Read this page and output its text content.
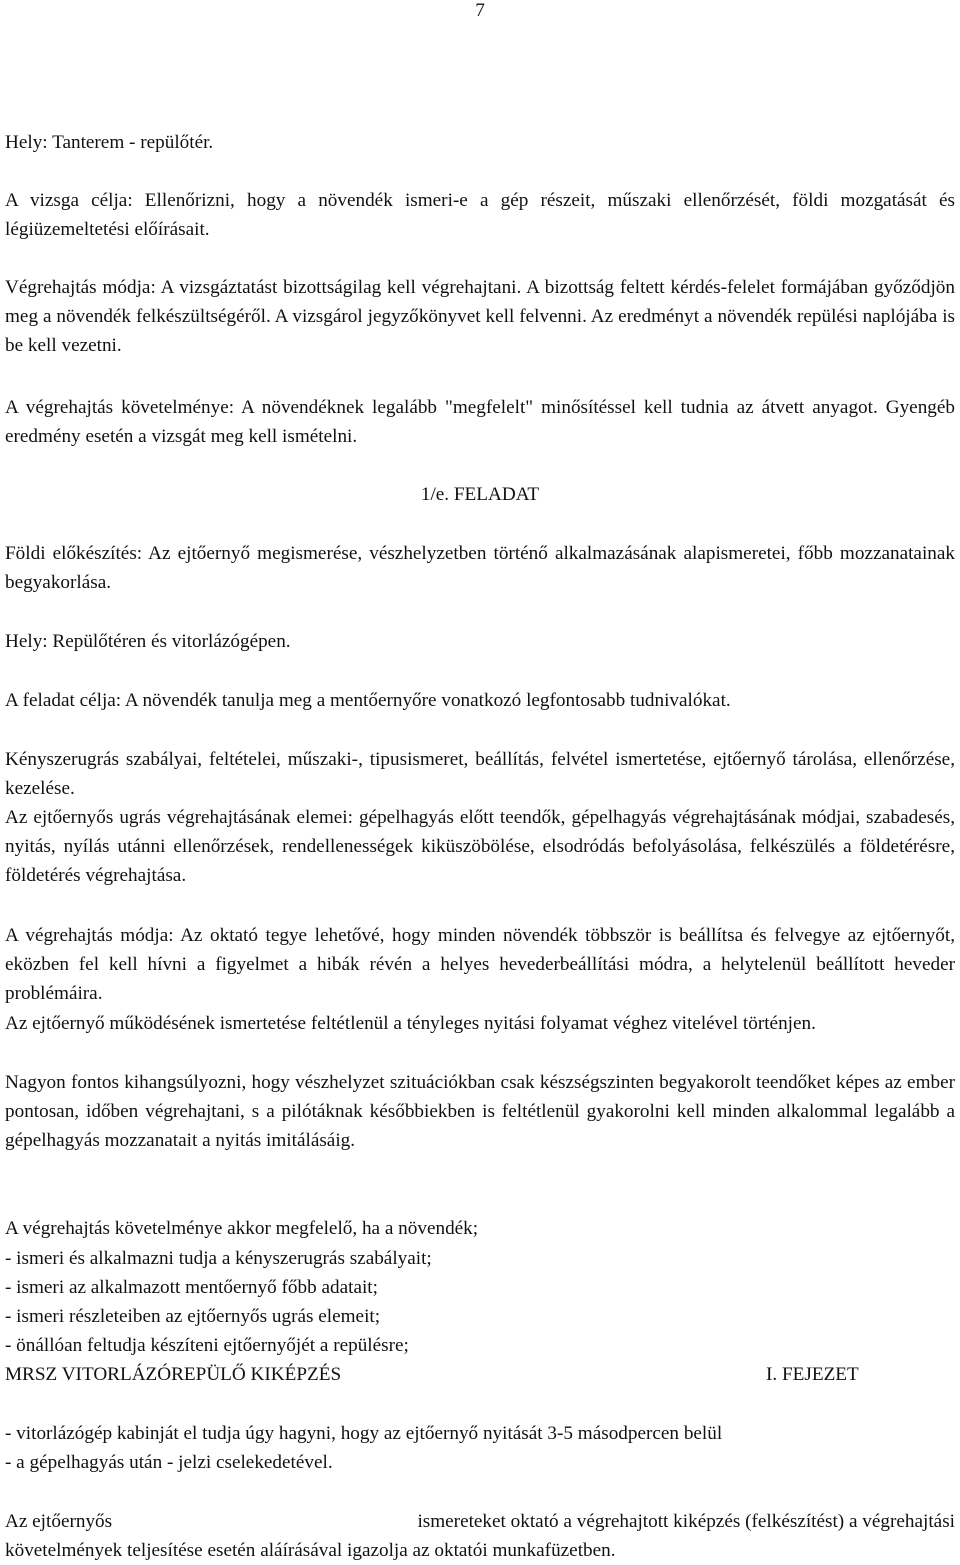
7

Hely: Tanterem - repülőtér.

A vizsga célja: Ellenőrizni, hogy a növendék ismeri-e a gép részeit, műszaki ellenőrzését, földi mozgatását és légiüzemeltetési előírásait.

Végrehajtás módja: A vizsgáztatást bizottságilag kell végrehajtani. A bizottság feltett kérdés-felelet formájában győződjön meg a növendék felkészültségéről. A vizsgárol jegyzőkönyvet kell felvenni. Az eredményt a növendék repülési naplójába is be kell vezetni.

A végrehajtás követelménye: A növendéknek legalább "megfelelt" minősítéssel kell tudnia az átvett anyagot. Gyengéb eredmény esetén a vizsgát meg kell ismételni.

1/e. FELADAT

Földi előkészítés: Az ejtőernyő megismerése, vészhelyzetben történő alkalmazásának alapismeretei, főbb mozzanatainak begyakorlása.

Hely: Repülőtéren és vitorlázógépen.

A feladat célja: A növendék tanulja meg a mentőernyőre vonatkozó legfontosabb tudnivalókat.

Kényszerugrás szabályai, feltételei, műszaki-, tipusismeret, beállítás, felvétel ismertetése, ejtőernyő tárolása, ellenőrzése, kezelése.

Az ejtőernyős ugrás végrehajtásának elemei: gépelhagyás előtt teendők, gépelhagyás végrehajtásának módjai, szabadesés, nyitás, nyílás utánni ellenőrzések, rendellenességek kiküszöbölése, elsodródás befolyásolása, felkészülés a földetérésre, földetérés végrehajtása.

A végrehajtás módja: Az oktató tegye lehetővé, hogy minden növendék többször is beállítsa és felvegye az ejtőernyőt, eközben fel kell hívni a figyelmet a hibák révén a helyes hevederbeállítási módra, a helytelenül beállított heveder problémáira.

Az ejtőernyő működésének ismertetése feltétlenül a tényleges nyitási folyamat véghez vitelével történjen.

Nagyon fontos kihangsúlyozni, hogy vészhelyzet szituációkban csak készségszinten begyakorolt teendőket képes az ember pontosan, időben végrehajtani, s a pilótáknak későbbiekben is feltétlenül gyakorolni kell minden alkalommal legalább a gépelhagyás mozzanatait a nyitás imitálásáig.

A végrehajtás követelménye akkor megfelelő, ha a növendék;
- ismeri és alkalmazni tudja a kényszerugrás szabályait;
- ismeri az alkalmazott mentőernyő főbb adatait;
- ismeri részleteiben az ejtőernyős ugrás elemeit;
- önállóan feltudja készíteni ejtőernyőjét a repülésre;
MRSZ VITORLÁZÓREPÜLŐ KIKÉPZÉS	I. FEJEZET
- vitorlázógép kabinját el tudja úgy hagyni, hogy az ejtőernyő nyitását 3-5 másodpercen belül
- a gépelhagyás után - jelzi cselekedetével.
Az ejtőernyős	ismereteket oktató a végrehajtott kiképzés (felkészítést) a végrehajtási
követelmények teljesítése esetén aláírásával igazolja az oktatói munkafüzetben.
